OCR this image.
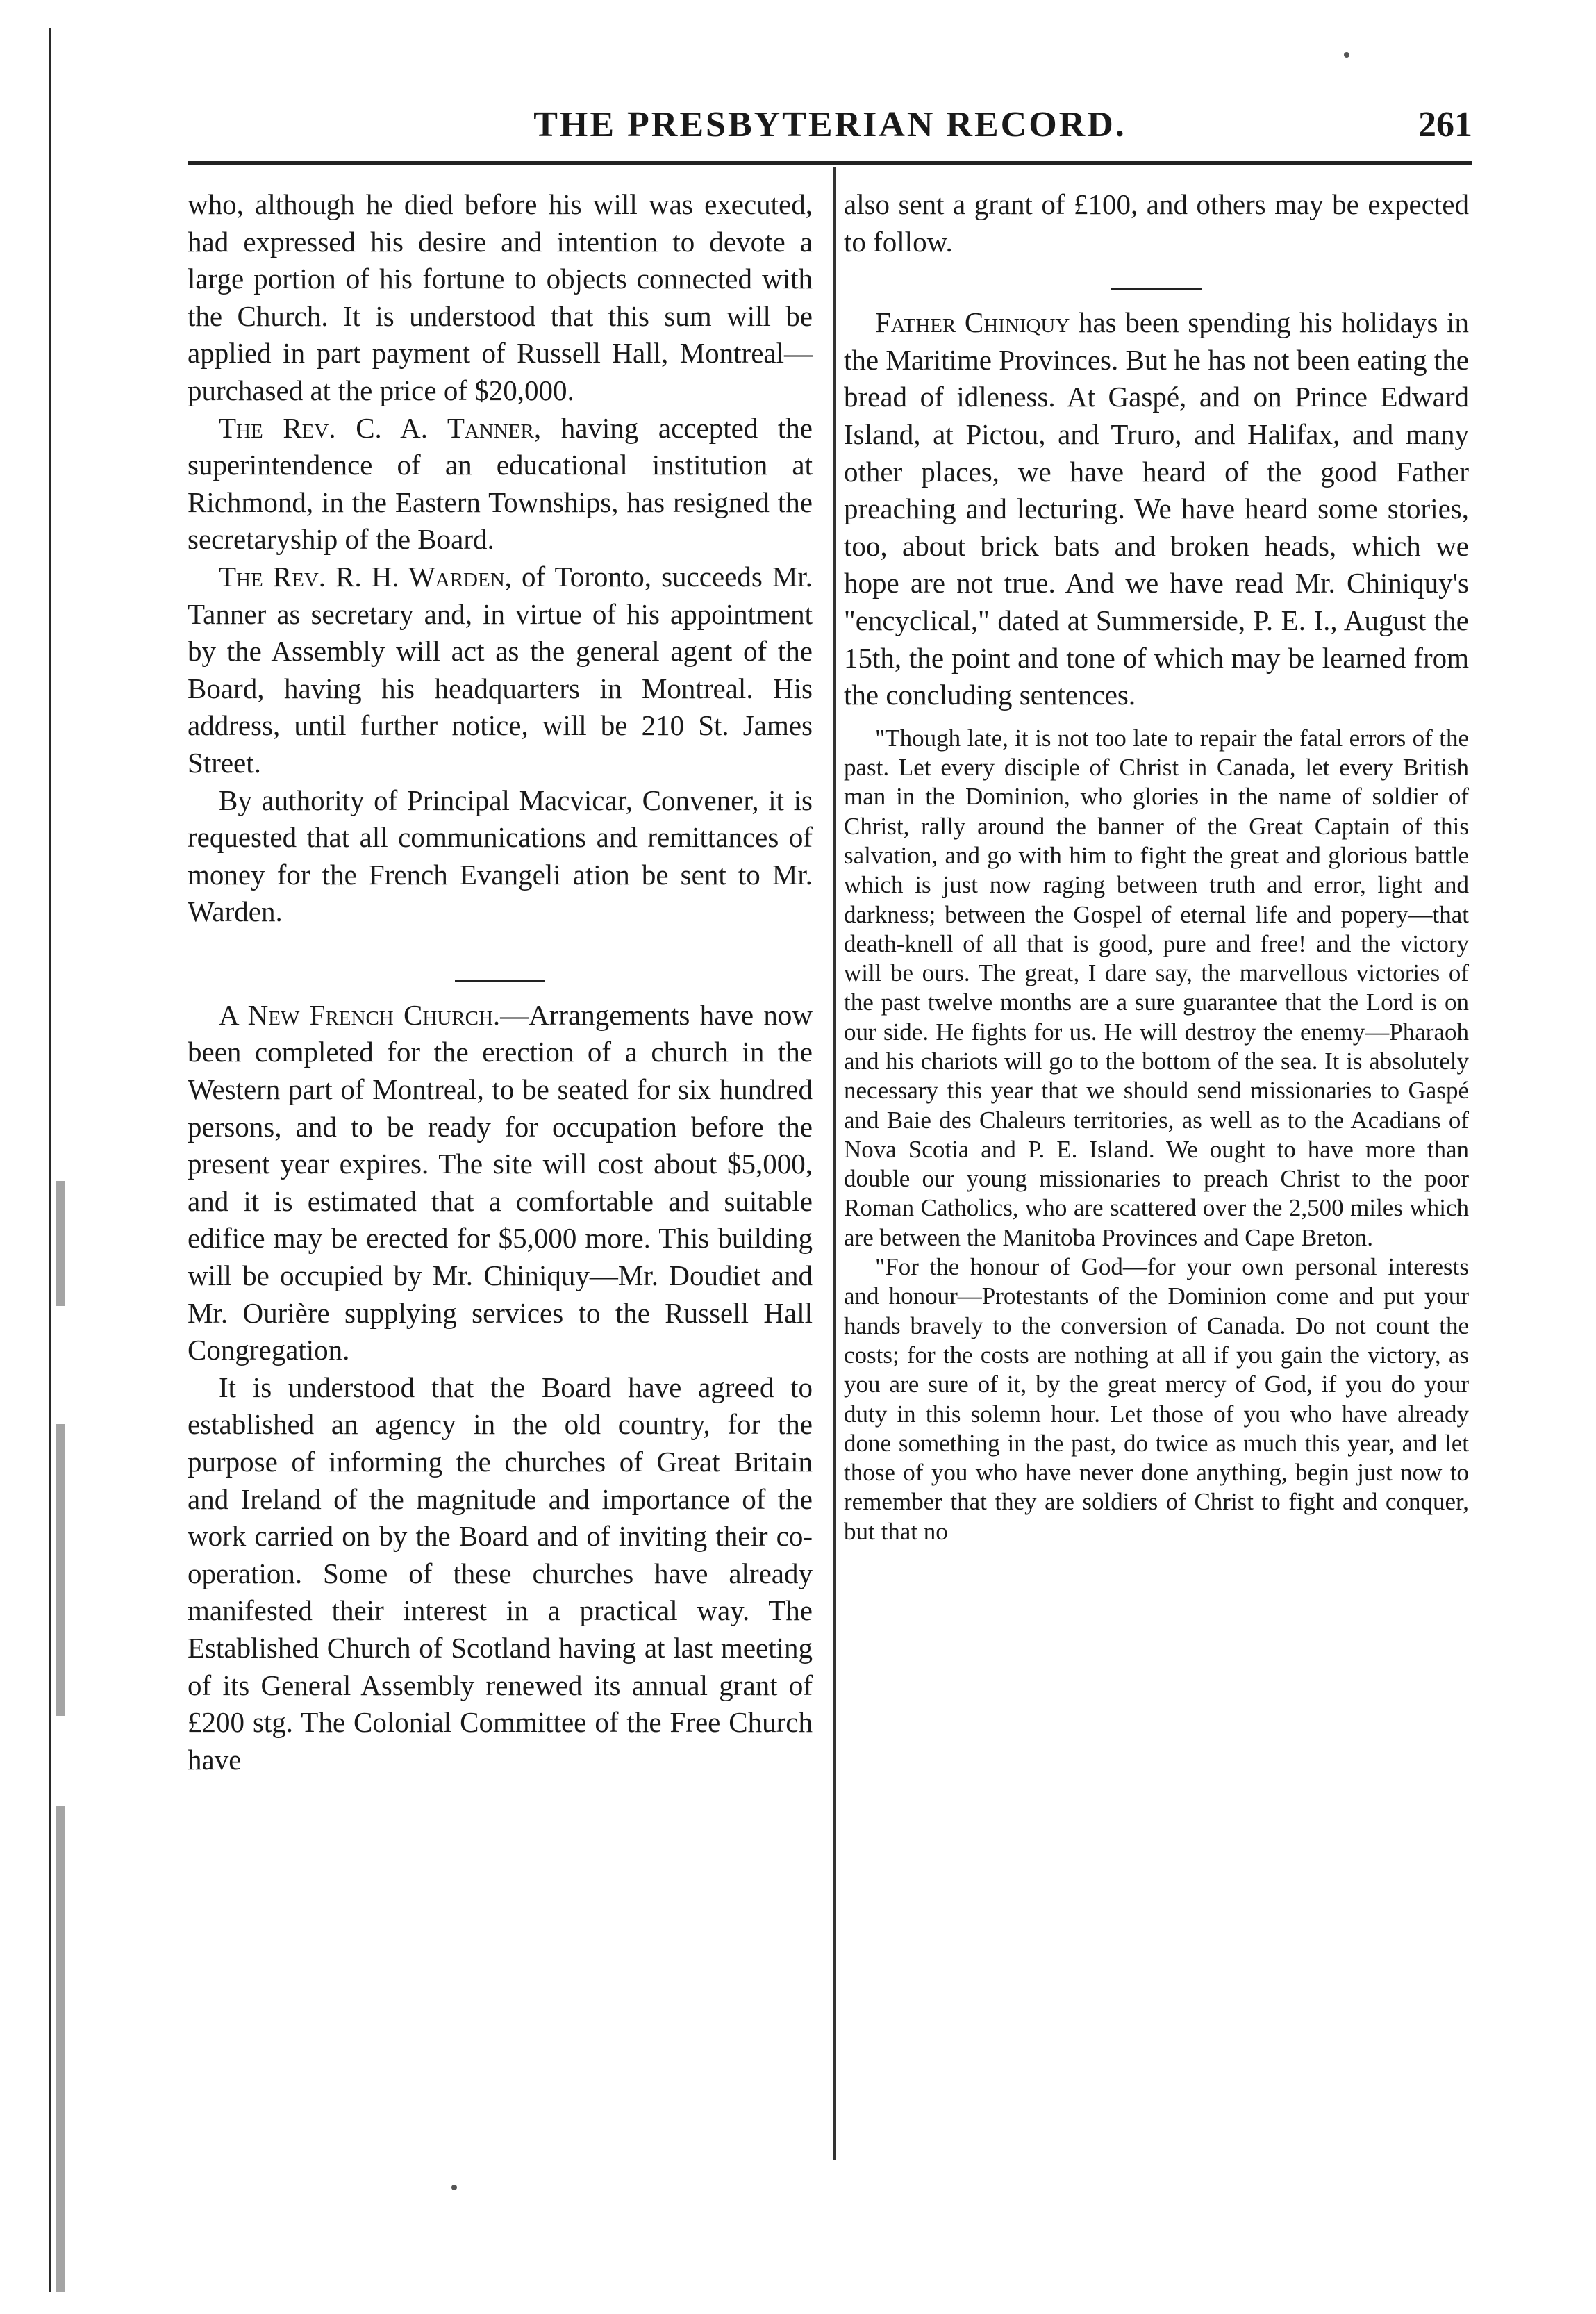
THE PRESBYTERIAN RECORD.	261

who, although he died before his will was executed, had expressed his desire and intention to devote a large portion of his fortune to objects connected with the Church. It is understood that this sum will be applied in part payment of Russell Hall, Montreal—purchased at the price of $20,000.

The Rev. C. A. Tanner, having accepted the superintendence of an educational institution at Richmond, in the Eastern Townships, has resigned the secretaryship of the Board.

The Rev. R. H. Warden, of Toronto, succeeds Mr. Tanner as secretary and, in virtue of his appointment by the Assembly will act as the general agent of the Board, having his headquarters in Montreal. His address, until further notice, will be 210 St. James Street.

By authority of Principal Macvicar, Convener, it is requested that all communications and remittances of money for the French Evangeli ation be sent to Mr. Warden.

A New French Church.—Arrangements have now been completed for the erection of a church in the Western part of Montreal, to be seated for six hundred persons, and to be ready for occupation before the present year expires. The site will cost about $5,000, and it is estimated that a comfortable and suitable edifice may be erected for $5,000 more. This building will be occupied by Mr. Chiniquy—Mr. Doudiet and Mr. Ourière supplying services to the Russell Hall Congregation.

It is understood that the Board have agreed to established an agency in the old country, for the purpose of informing the churches of Great Britain and Ireland of the magnitude and importance of the work carried on by the Board and of inviting their co-operation. Some of these churches have already manifested their interest in a practical way. The Established Church of Scotland having at last meeting of its General Assembly renewed its annual grant of £200 stg. The Colonial Committee of the Free Church have

also sent a grant of £100, and others may be expected to follow.

Father Chiniquy has been spending his holidays in the Maritime Provinces. But he has not been eating the bread of idleness. At Gaspé, and on Prince Edward Island, at Pictou, and Truro, and Halifax, and many other places, we have heard of the good Father preaching and lecturing. We have heard some stories, too, about brick bats and broken heads, which we hope are not true. And we have read Mr. Chiniquy's "encyclical," dated at Summerside, P. E. I., August the 15th, the point and tone of which may be learned from the concluding sentences.

"Though late, it is not too late to repair the fatal errors of the past. Let every disciple of Christ in Canada, let every British man in the Dominion, who glories in the name of soldier of Christ, rally around the banner of the Great Captain of this salvation, and go with him to fight the great and glorious battle which is just now raging between truth and error, light and darkness; between the Gospel of eternal life and popery—that death-knell of all that is good, pure and free! and the victory will be ours. The great, I dare say, the marvellous victories of the past twelve months are a sure guarantee that the Lord is on our side. He fights for us. He will destroy the enemy—Pharaoh and his chariots will go to the bottom of the sea. It is absolutely necessary this year that we should send missionaries to Gaspé and Baie des Chaleurs territories, as well as to the Acadians of Nova Scotia and P. E. Island. We ought to have more than double our young missionaries to preach Christ to the poor Roman Catholics, who are scattered over the 2,500 miles which are between the Manitoba Provinces and Cape Breton.

"For the honour of God—for your own personal interests and honour—Protestants of the Dominion come and put your hands bravely to the conversion of Canada. Do not count the costs; for the costs are nothing at all if you gain the victory, as you are sure of it, by the great mercy of God, if you do your duty in this solemn hour. Let those of you who have already done something in the past, do twice as much this year, and let those of you who have never done anything, begin just now to remember that they are soldiers of Christ to fight and conquer, but that no
